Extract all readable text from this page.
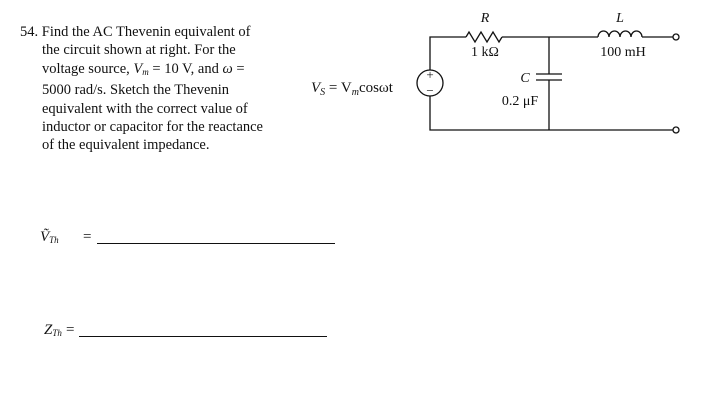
54. Find the AC Thevenin equivalent of
the circuit shown at right. For the
voltage source, $V_m = 10$ V, and ω =
5000 rad/s. Sketch the Thevenin
equivalent with the correct value of
inductor or capacitor for the reactance
of the equivalent impedance.
$V_S = V_m\cos\omega t$
+
−
R
1 kΩ
C
0.2 μF
L
100 mH
Ṽ$_{Th}$ =
$Z_{Th}$ =
